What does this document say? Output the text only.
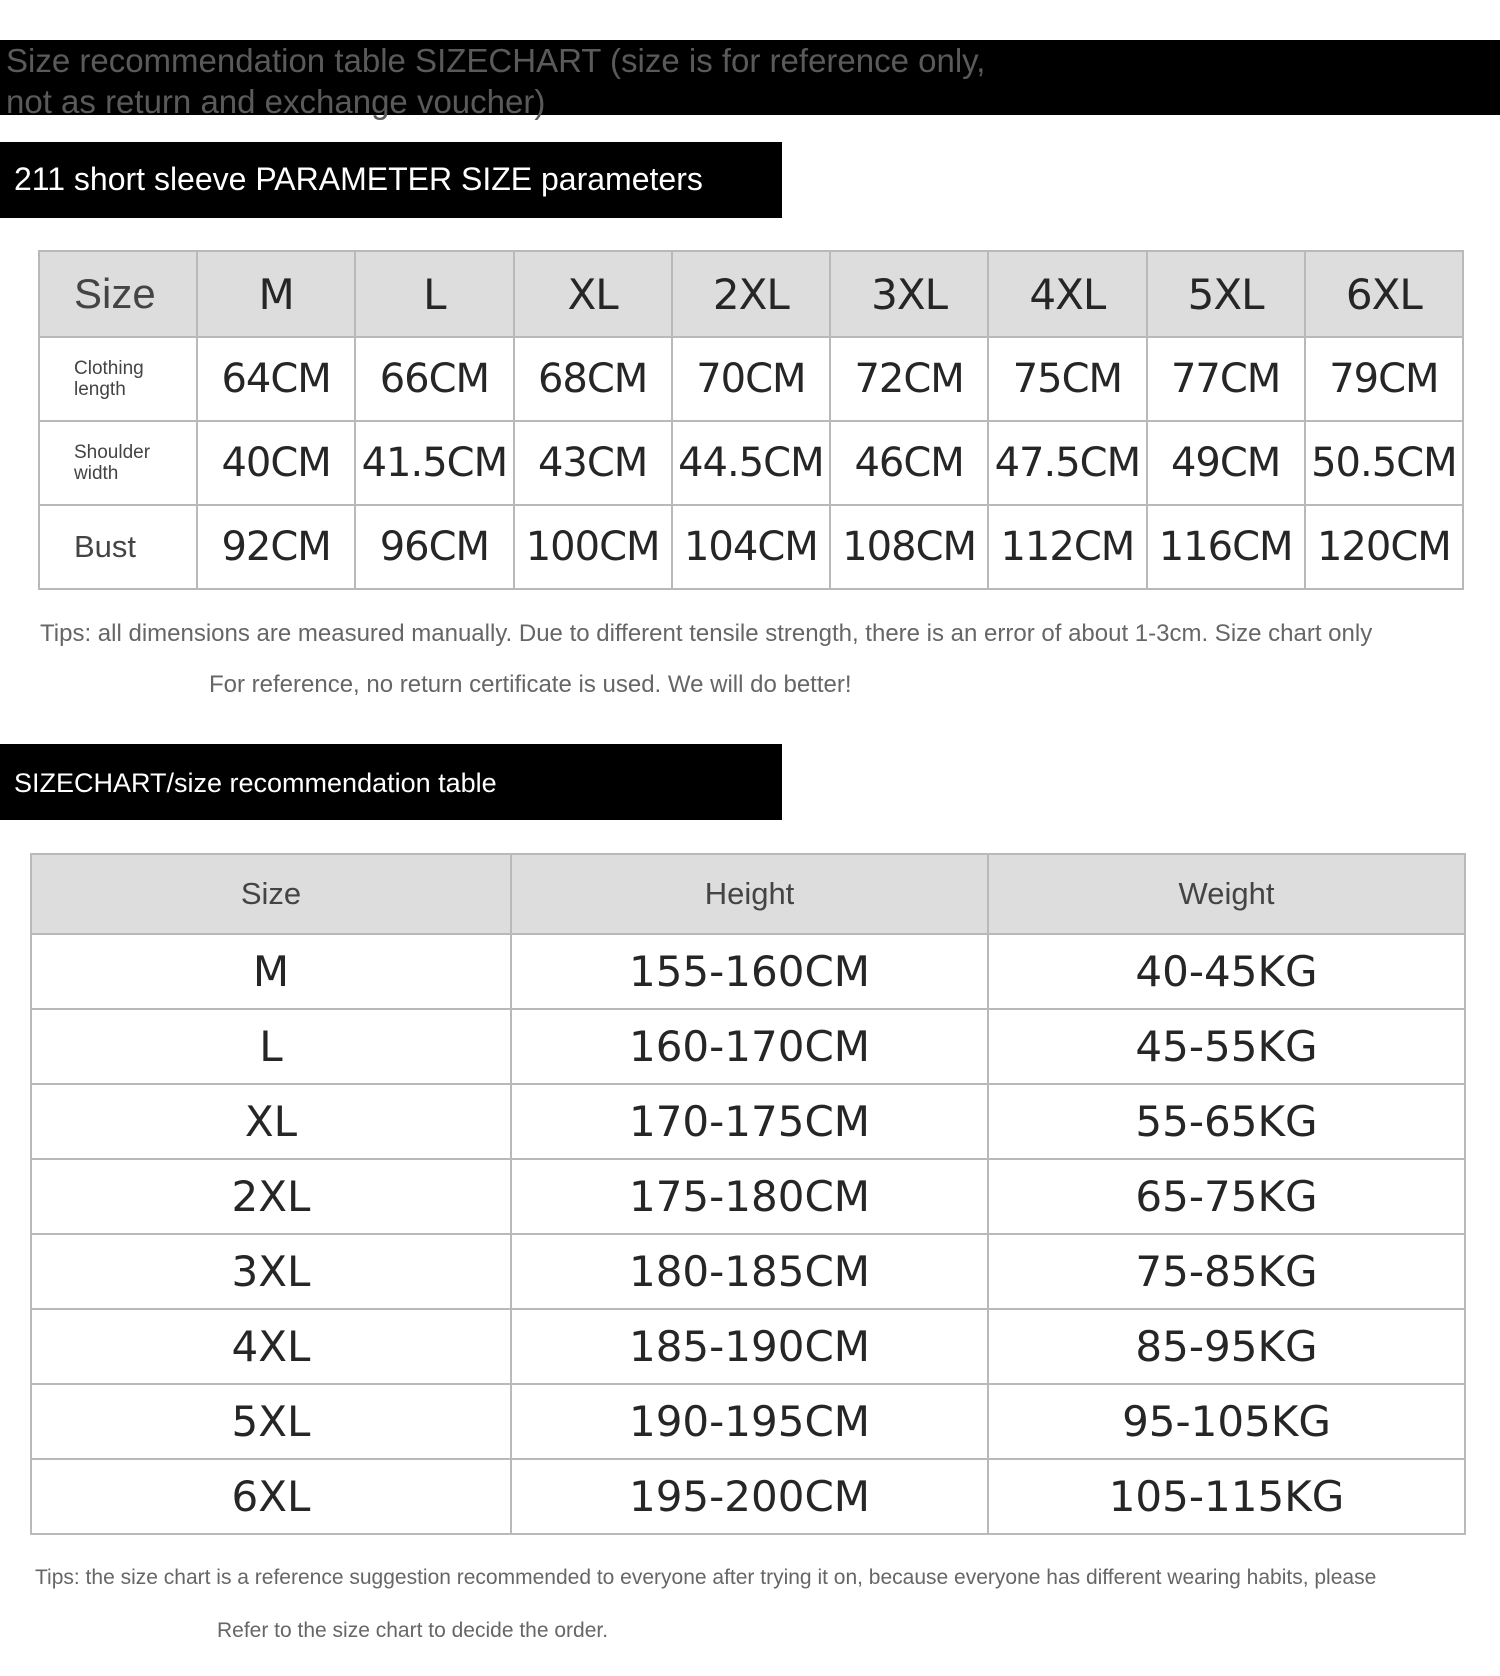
Size recommendation table SIZECHART (size is for reference only, not as return and exchange voucher)
211 short sleeve PARAMETER SIZE parameters
Size	M	L	XL	2XL	3XL	4XL	5XL	6XL
Clothing length	64CM	66CM	68CM	70CM	72CM	75CM	77CM	79CM
Shoulder width	40CM	41.5CM	43CM	44.5CM	46CM	47.5CM	49CM	50.5CM
Bust	92CM	96CM	100CM	104CM	108CM	112CM	116CM	120CM
Tips: all dimensions are measured manually. Due to different tensile strength, there is an error of about 1-3cm. Size chart only
For reference, no return certificate is used. We will do better!
SIZECHART/size recommendation table
Size	Height	Weight
M	155-160CM	40-45KG
L	160-170CM	45-55KG
XL	170-175CM	55-65KG
2XL	175-180CM	65-75KG
3XL	180-185CM	75-85KG
4XL	185-190CM	85-95KG
5XL	190-195CM	95-105KG
6XL	195-200CM	105-115KG
Tips: the size chart is a reference suggestion recommended to everyone after trying it on, because everyone has different wearing habits, please
Refer to the size chart to decide the order.
